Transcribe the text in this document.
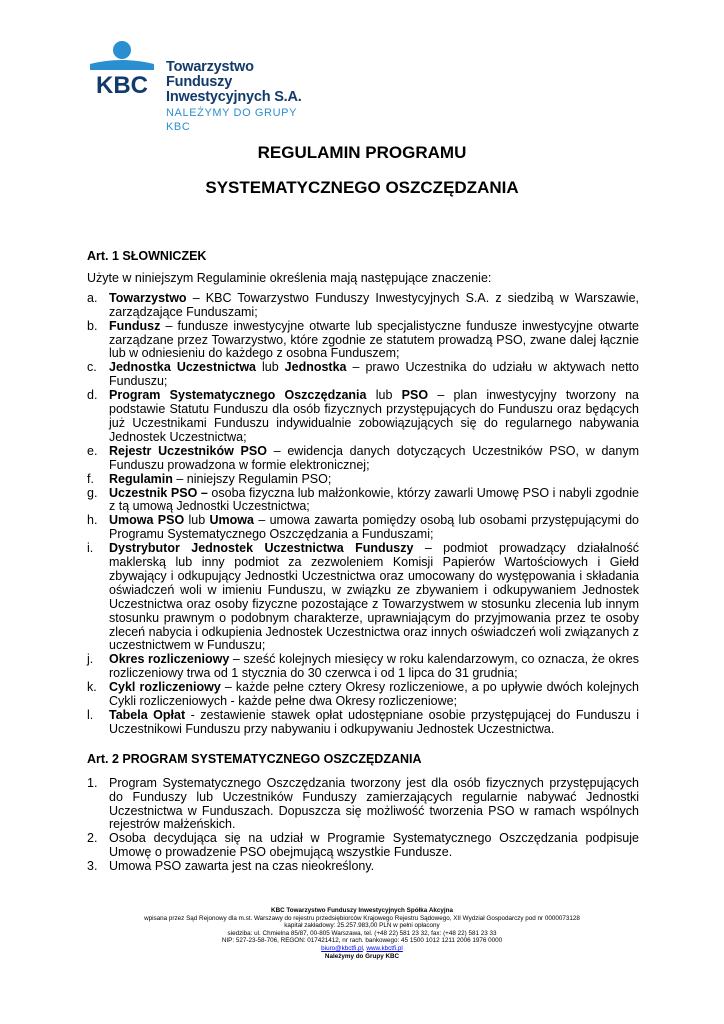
KBC
Towarzystwo Funduszy
Inwestycyjnych S.A.
NALEŻYMY DO GRUPY KBC
REGULAMIN PROGRAMU
SYSTEMATYCZNEGO OSZCZĘDZANIA
Art. 1 SŁOWNICZEK
Użyte w niniejszym Regulaminie określenia mają następujące znaczenie:
a. Towarzystwo – KBC Towarzystwo Funduszy Inwestycyjnych S.A. z siedzibą w Warszawie, zarządzające Funduszami;
b. Fundusz – fundusze inwestycyjne otwarte lub specjalistyczne fundusze inwestycyjne otwarte zarządzane przez Towarzystwo, które zgodnie ze statutem prowadzą PSO, zwane dalej łącznie lub w odniesieniu do każdego z osobna Funduszem;
c. Jednostka Uczestnictwa lub Jednostka – prawo Uczestnika do udziału w aktywach netto Funduszu;
d. Program Systematycznego Oszczędzania lub PSO – plan inwestycyjny tworzony na podstawie Statutu Funduszu dla osób fizycznych przystępujących do Funduszu oraz będących już Uczestnikami Funduszu indywidualnie zobowiązujących się do regularnego nabywania Jednostek Uczestnictwa;
e. Rejestr Uczestników PSO – ewidencja danych dotyczących Uczestników PSO, w danym Funduszu prowadzona w formie elektronicznej;
f. Regulamin – niniejszy Regulamin PSO;
g. Uczestnik PSO – osoba fizyczna lub małżonkowie, którzy zawarli Umowę PSO i nabyli zgodnie z tą umową Jednostki Uczestnictwa;
h. Umowa PSO lub Umowa – umowa zawarta pomiędzy osobą lub osobami przystępującymi do Programu Systematycznego Oszczędzania a Funduszami;
i. Dystrybutor Jednostek Uczestnictwa Funduszy – podmiot prowadzący działalność maklerską lub inny podmiot za zezwoleniem Komisji Papierów Wartościowych i Giełd zbywający i odkupujący Jednostki Uczestnictwa oraz umocowany do występowania i składania oświadczeń woli w imieniu Funduszu, w związku ze zbywaniem i odkupywaniem Jednostek Uczestnictwa oraz osoby fizyczne pozostające z Towarzystwem w stosunku zlecenia lub innym stosunku prawnym o podobnym charakterze, uprawniającym do przyjmowania przez te osoby zleceń nabycia i odkupienia Jednostek Uczestnictwa oraz innych oświadczeń woli związanych z uczestnictwem w Funduszu;
j. Okres rozliczeniowy – sześć kolejnych miesięcy w roku kalendarzowym, co oznacza, że okres rozliczeniowy trwa od 1 stycznia do 30 czerwca i od 1 lipca do 31 grudnia;
k. Cykl rozliczeniowy – każde pełne cztery Okresy rozliczeniowe, a po upływie dwóch kolejnych Cykli rozliczeniowych - każde pełne dwa Okresy rozliczeniowe;
l. Tabela Opłat - zestawienie stawek opłat udostępniane osobie przystępującej do Funduszu i Uczestnikowi Funduszu przy nabywaniu i odkupywaniu Jednostek Uczestnictwa.
Art. 2 PROGRAM SYSTEMATYCZNEGO OSZCZĘDZANIA
1. Program Systematycznego Oszczędzania tworzony jest dla osób fizycznych przystępujących do Funduszy lub Uczestników Funduszy zamierzających regularnie nabywać Jednostki Uczestnictwa w Funduszach. Dopuszcza się możliwość tworzenia PSO w ramach wspólnych rejestrów małżeńskich.
2. Osoba decydująca się na udział w Programie Systematycznego Oszczędzania podpisuje Umowę o prowadzenie PSO obejmującą wszystkie Fundusze.
3. Umowa PSO zawarta jest na czas nieokreślony.
KBC Towarzystwo Funduszy Inwestycyjnych Spółka Akcyjna
wpisana przez Sąd Rejonowy dla m.st. Warszawy do rejestru przedsiębiorców Krajowego Rejestru Sądowego, XII Wydział Gospodarczy pod nr 0000073128
kapitał zakładowy: 25.257.983,00 PLN w pełni opłacony
siedziba: ul. Chmielna 85/87, 00-805 Warszawa, tel. (+48 22) 581 23 32, fax: (+48 22) 581 23 33
NIP: 527-23-58-706, REGON: 017421412, nr rach. bankowego: 45 1500 1012 1211 2006 1976 0000
biuro@kbctfi.pl, www.kbctfi.pl
Należymy do Grupy KBC
